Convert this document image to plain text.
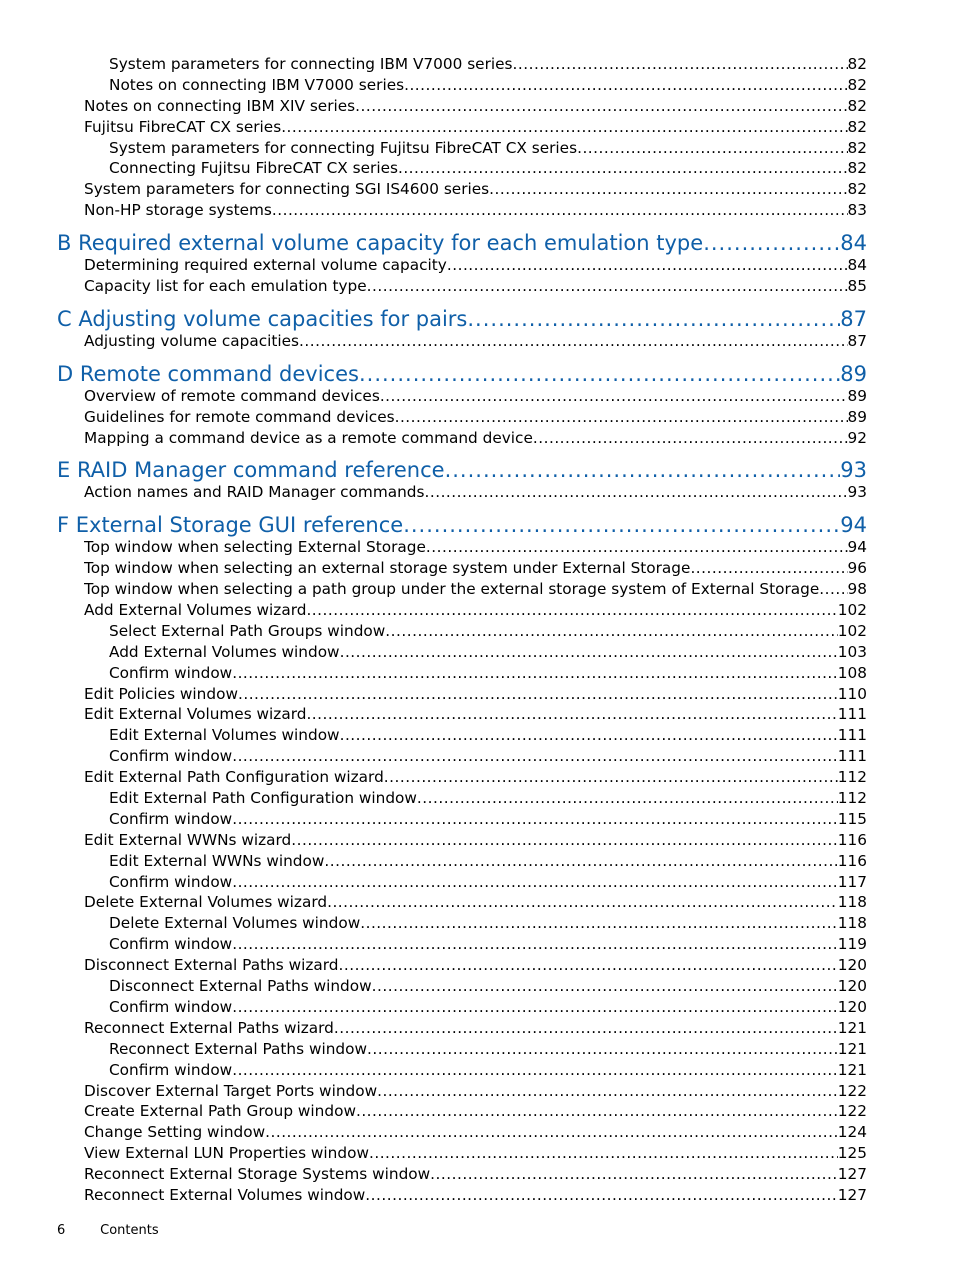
System parameters for connecting IBM V7000 series .....	82
Notes on connecting IBM V7000 series .....	82
Notes on connecting IBM XIV series .....	82
Fujitsu FibreCAT CX series .....	82
System parameters for connecting Fujitsu FibreCAT CX series .....	82
Connecting Fujitsu FibreCAT CX series .....	82
System parameters for connecting SGI IS4600 series .....	82
Non-HP storage systems .....	83
B Required external volume capacity for each emulation type .....	84
Determining required external volume capacity .....	84
Capacity list for each emulation type .....	85
C Adjusting volume capacities for pairs .....	87
Adjusting volume capacities .....	87
D Remote command devices .....	89
Overview of remote command devices .....	89
Guidelines for remote command devices .....	89
Mapping a command device as a remote command device .....	92
E RAID Manager command reference .....	93
Action names and RAID Manager commands .....	93
F External Storage GUI reference .....	94
Top window when selecting External Storage .....	94
Top window when selecting an external storage system under External Storage .....	96
Top window when selecting a path group under the external storage system of External Storage ..... 98
Add External Volumes wizard .....	102
Select External Path Groups window .....	102
Add External Volumes window .....	103
Confirm window .....	108
Edit Policies window .....	110
Edit External Volumes wizard .....	111
Edit External Volumes window .....	111
Confirm window .....	111
Edit External Path Configuration wizard .....	112
Edit External Path Configuration window .....	112
Confirm window .....	115
Edit External WWNs wizard .....	116
Edit External WWNs window .....	116
Confirm window .....	117
Delete External Volumes wizard .....	118
Delete External Volumes window .....	118
Confirm window .....	119
Disconnect External Paths wizard .....	120
Disconnect External Paths window .....	120
Confirm window .....	120
Reconnect External Paths wizard .....	121
Reconnect External Paths window .....	121
Confirm window .....	121
Discover External Target Ports window .....	122
Create External Path Group window .....	122
Change Setting window .....	124
View External LUN Properties window .....	125
Reconnect External Storage Systems window .....	127
Reconnect External Volumes window .....	127
6	Contents
